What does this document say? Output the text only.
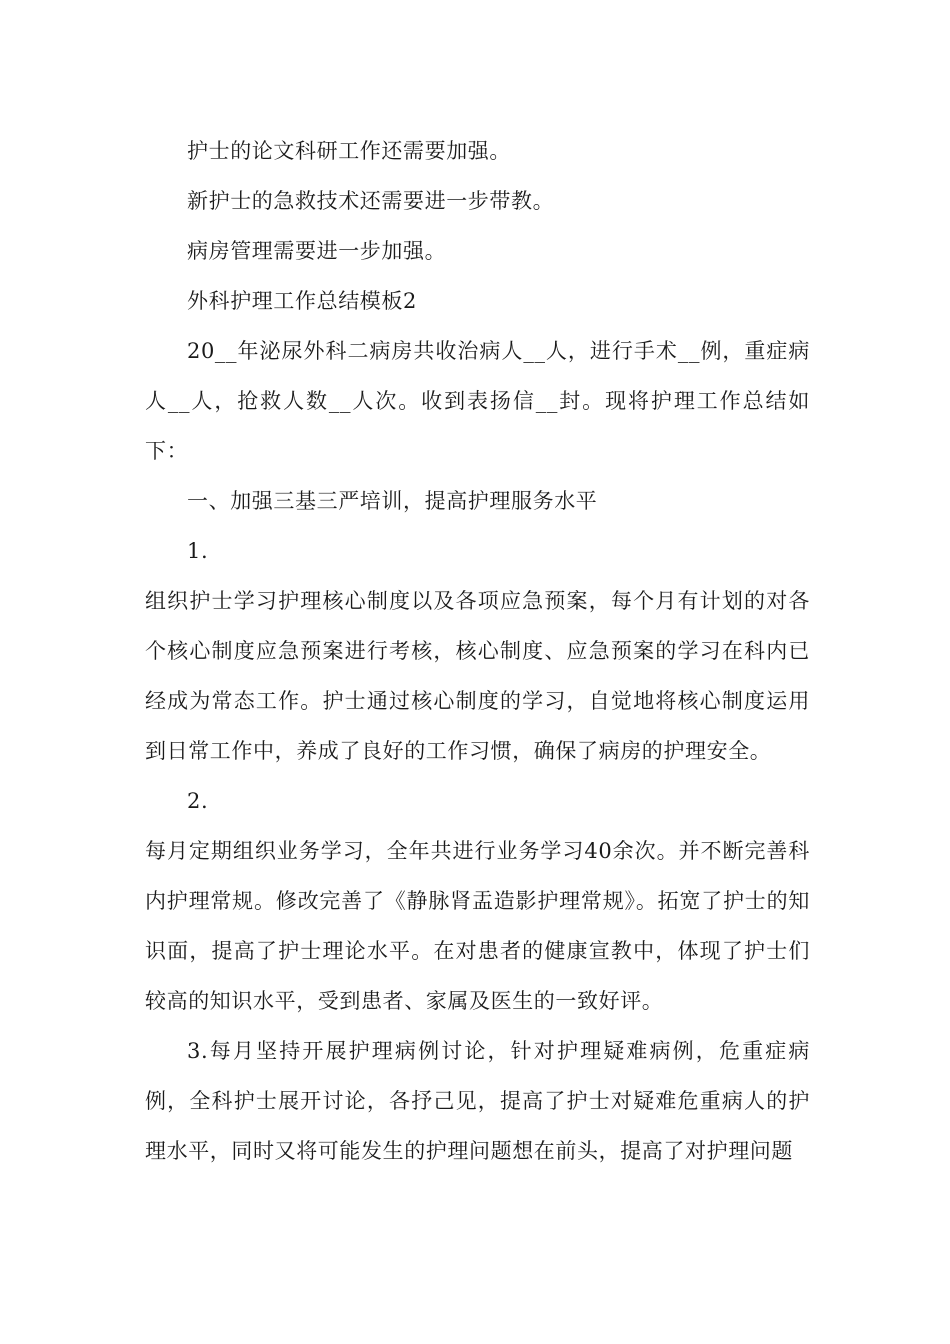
护士的论文科研工作还需要加强。

新护士的急救技术还需要进一步带教。

病房管理需要进一步加强。

外科护理工作总结模板2

20__年泌尿外科二病房共收治病人__人，进行手术__例，重症病人__人，抢救人数__人次。收到表扬信__封。现将护理工作总结如下：

一、加强三基三严培训，提高护理服务水平

1.

组织护士学习护理核心制度以及各项应急预案，每个月有计划的对各个核心制度应急预案进行考核，核心制度、应急预案的学习在科内已经成为常态工作。护士通过核心制度的学习，自觉地将核心制度运用到日常工作中，养成了良好的工作习惯，确保了病房的护理安全。

2.

每月定期组织业务学习，全年共进行业务学习40余次。并不断完善科内护理常规。修改完善了《静脉肾盂造影护理常规》。拓宽了护士的知识面，提高了护士理论水平。在对患者的健康宣教中，体现了护士们较高的知识水平，受到患者、家属及医生的一致好评。

3.每月坚持开展护理病例讨论，针对护理疑难病例，危重症病例，全科护士展开讨论，各抒己见，提高了护士对疑难危重病人的护理水平，同时又将可能发生的护理问题想在前头，提高了对护理问题
